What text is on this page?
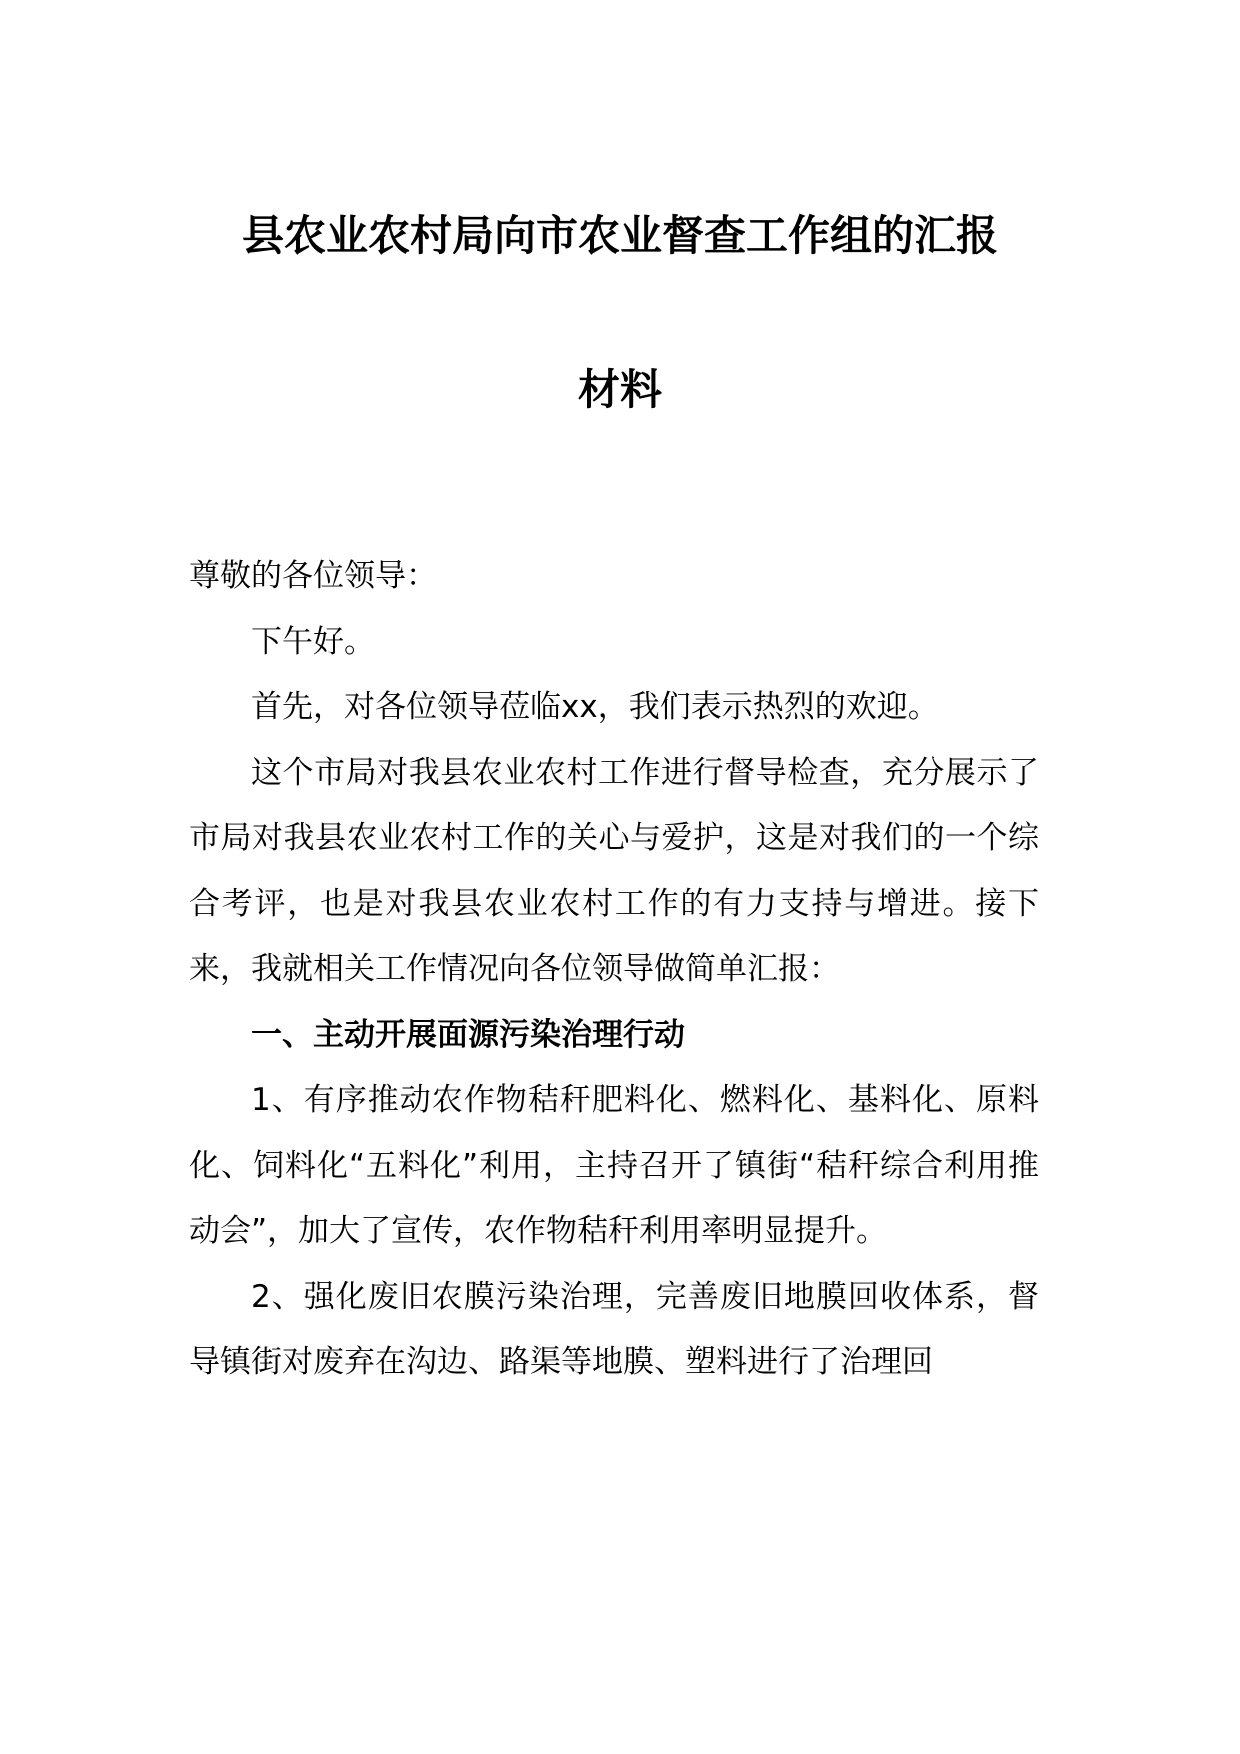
县农业农村局向市农业督查工作组的汇报
材料

尊敬的各位领导：

下午好。

首先，对各位领导莅临xx，我们表示热烈的欢迎。

这个市局对我县农业农村工作进行督导检查，充分展示了市局对我县农业农村工作的关心与爱护，这是对我们的一个综合考评，也是对我县农业农村工作的有力支持与增进。接下来，我就相关工作情况向各位领导做简单汇报：

一、主动开展面源污染治理行动

1、有序推动农作物秸秆肥料化、燃料化、基料化、原料化、饲料化“五料化”利用，主持召开了镇街“秸秆综合利用推动会”，加大了宣传，农作物秸秆利用率明显提升。

2、强化废旧农膜污染治理，完善废旧地膜回收体系，督导镇街对废弃在沟边、路渠等地膜、塑料进行了治理回
